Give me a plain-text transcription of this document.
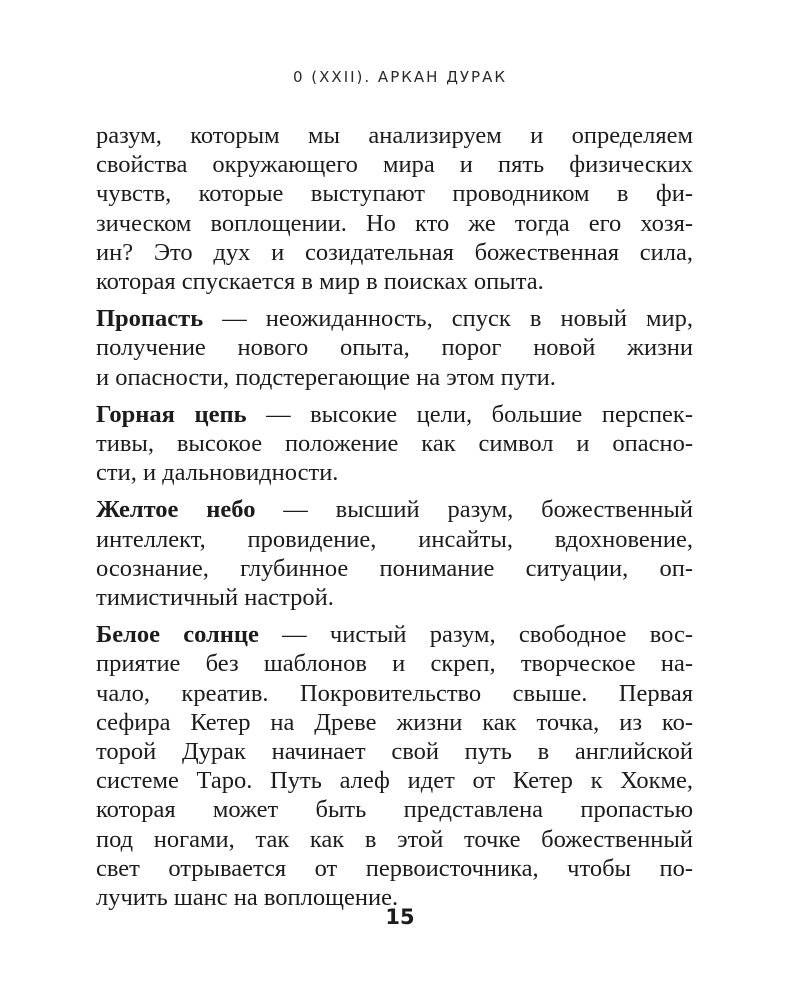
0 (XXII). АРКАН ДУРАК
разум, которым мы анализируем и определяем
свойства окружающего мира и пять физических
чувств, которые выступают проводником в фи-
зическом воплощении. Но кто же тогда его хозя-
ин? Это дух и созидательная божественная сила,
которая спускается в мир в поисках опыта.
Пропасть — неожиданность, спуск в новый мир,
получение нового опыта, порог новой жизни
и опасности, подстерегающие на этом пути.
Горная цепь — высокие цели, большие перспек-
тивы, высокое положение как символ и опасно-
сти, и дальновидности.
Желтое небо — высший разум, божественный
интеллект, провидение, инсайты, вдохновение,
осознание, глубинное понимание ситуации, оп-
тимистичный настрой.
Белое солнце — чистый разум, свободное вос-
приятие без шаблонов и скреп, творческое на-
чало, креатив. Покровительство свыше. Первая
сефира Кетер на Древе жизни как точка, из ко-
торой Дурак начинает свой путь в английской
системе Таро. Путь алеф идет от Кетер к Хокме,
которая может быть представлена пропастью
под ногами, так как в этой точке божественный
свет отрывается от первоисточника, чтобы по-
лучить шанс на воплощение.
15
